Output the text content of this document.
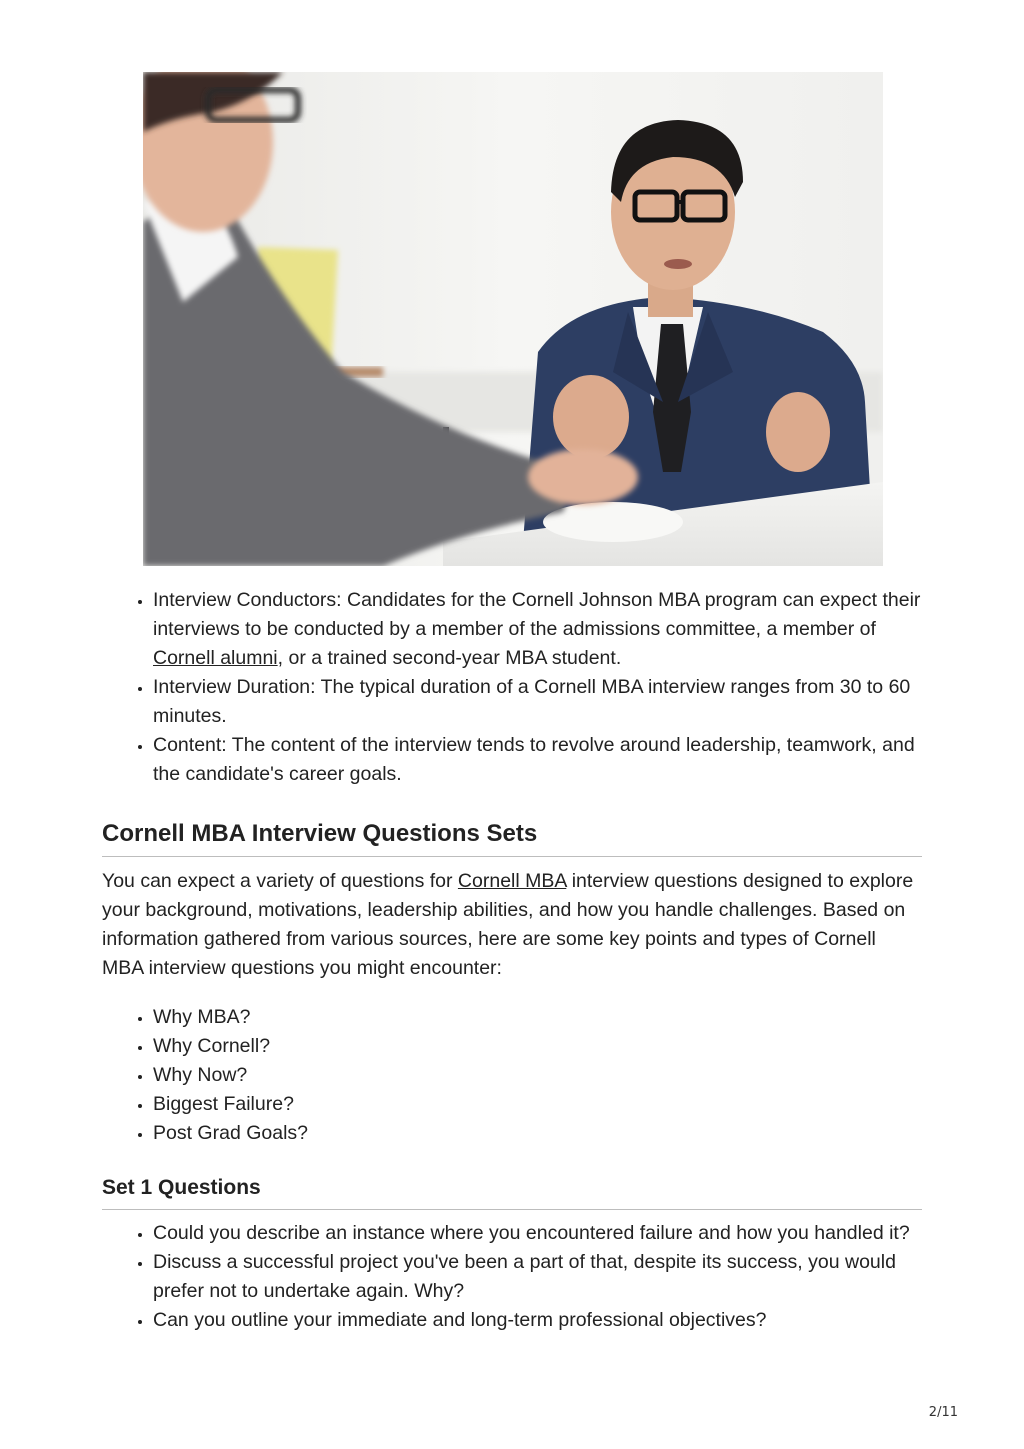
• Interview Conductors: Candidates for the Cornell Johnson MBA program can expect their interviews to be conducted by a member of the admissions committee, a member of Cornell alumni, or a trained second-year MBA student.
• Interview Duration: The typical duration of a Cornell MBA interview ranges from 30 to 60 minutes.
• Content: The content of the interview tends to revolve around leadership, teamwork, and the candidate's career goals.
Cornell MBA Interview Questions Sets

You can expect a variety of questions for Cornell MBA interview questions designed to explore your background, motivations, leadership abilities, and how you handle challenges. Based on information gathered from various sources, here are some key points and types of Cornell MBA interview questions you might encounter:

• Why MBA?
• Why Cornell?
• Why Now?
• Biggest Failure?
• Post Grad Goals?
Set 1 Questions
• Could you describe an instance where you encountered failure and how you handled it?
• Discuss a successful project you've been a part of that, despite its success, you would prefer not to undertake again. Why?
• Can you outline your immediate and long-term professional objectives?
2/11
